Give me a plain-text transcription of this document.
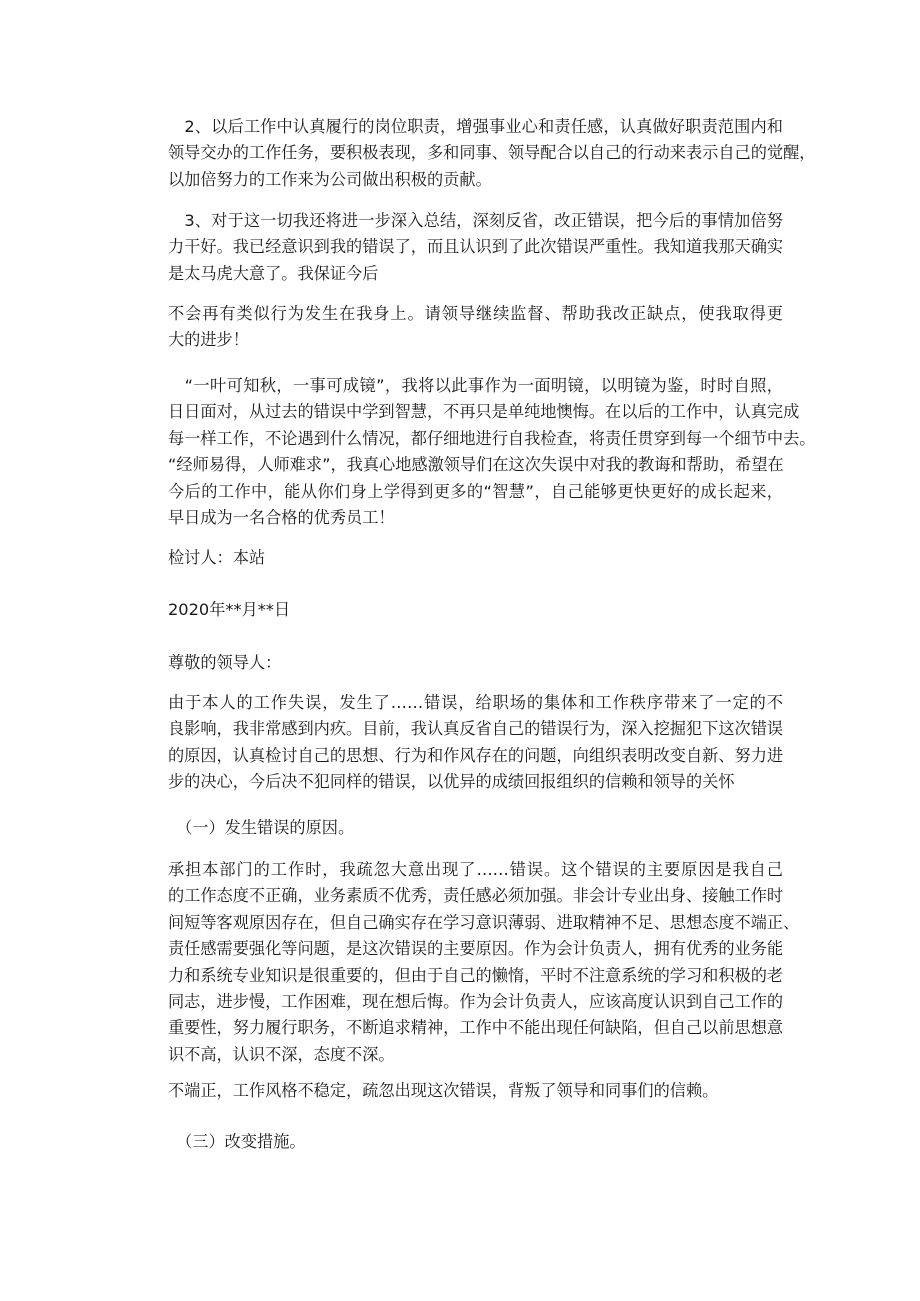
　2、以后工作中认真履行的岗位职责，增强事业心和责任感，认真做好职责范围内和
领导交办的工作任务，要积极表现，多和同事、领导配合以自己的行动来表示自己的觉醒，
以加倍努力的工作来为公司做出积极的贡献。

　3、对于这一切我还将进一步深入总结，深刻反省，改正错误，把今后的事情加倍努
力干好。我已经意识到我的错误了，而且认识到了此次错误严重性。我知道我那天确实
是太马虎大意了。我保证今后

不会再有类似行为发生在我身上。请领导继续监督、帮助我改正缺点，使我取得更
大的进步！

　“一叶可知秋，一事可成镜”，我将以此事作为一面明镜，以明镜为鉴，时时自照，
日日面对，从过去的错误中学到智慧，不再只是单纯地懊悔。在以后的工作中，认真完成
每一样工作，不论遇到什么情况，都仔细地进行自我检查，将责任贯穿到每一个细节中去。
“经师易得，人师难求”，我真心地感激领导们在这次失误中对我的教诲和帮助，希望在
今后的工作中，能从你们身上学得到更多的“智慧”，自己能够更快更好的成长起来，
早日成为一名合格的优秀员工！

检讨人：本站

2020年**月**日

尊敬的领导人：

由于本人的工作失误，发生了……错误，给职场的集体和工作秩序带来了一定的不
良影响，我非常感到内疚。目前，我认真反省自己的错误行为，深入挖掘犯下这次错误
的原因，认真检讨自己的思想、行为和作风存在的问题，向组织表明改变自新、努力进
步的决心，今后决不犯同样的错误，以优异的成绩回报组织的信赖和领导的关怀

　（一）发生错误的原因。

承担本部门的工作时，我疏忽大意出现了……错误。这个错误的主要原因是我自己
的工作态度不正确，业务素质不优秀，责任感必须加强。非会计专业出身、接触工作时
间短等客观原因存在，但自己确实存在学习意识薄弱、进取精神不足、思想态度不端正、
责任感需要强化等问题，是这次错误的主要原因。作为会计负责人，拥有优秀的业务能
力和系统专业知识是很重要的，但由于自己的懒惰，平时不注意系统的学习和积极的老
同志，进步慢，工作困难，现在想后悔。作为会计负责人，应该高度认识到自己工作的
重要性，努力履行职务，不断追求精神，工作中不能出现任何缺陷，但自己以前思想意
识不高，认识不深，态度不深。

不端正，工作风格不稳定，疏忽出现这次错误，背叛了领导和同事们的信赖。

　（三）改变措施。
